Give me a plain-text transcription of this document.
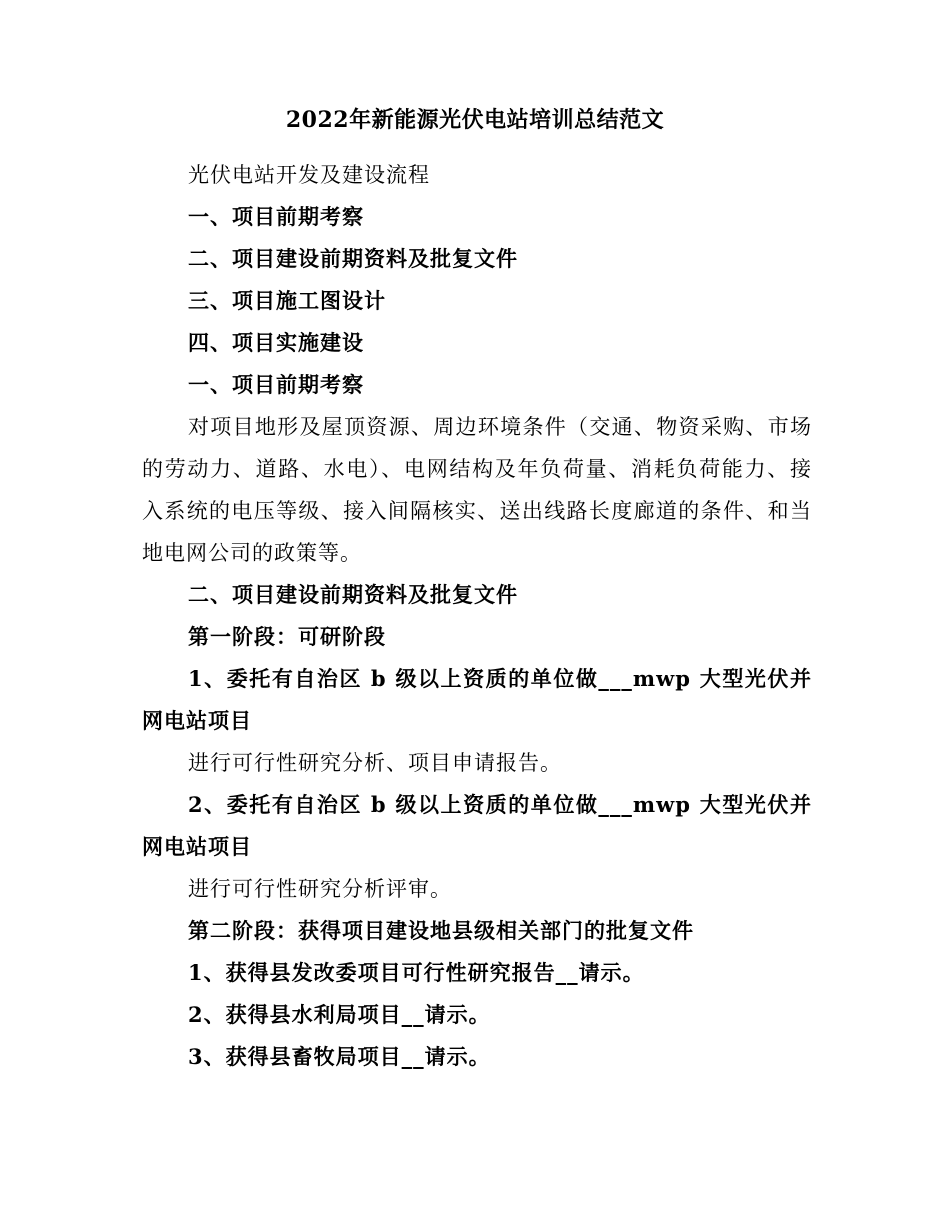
2022年新能源光伏电站培训总结范文

光伏电站开发及建设流程

一、项目前期考察

二、项目建设前期资料及批复文件

三、项目施工图设计

四、项目实施建设

一、项目前期考察

对项目地形及屋顶资源、周边环境条件（交通、物资采购、市场的劳动力、道路、水电）、电网结构及年负荷量、消耗负荷能力、接入系统的电压等级、接入间隔核实、送出线路长度廊道的条件、和当地电网公司的政策等。

二、项目建设前期资料及批复文件

第一阶段：可研阶段

1、委托有自治区 b 级以上资质的单位做___mwp 大型光伏并网电站项目

进行可行性研究分析、项目申请报告。

2、委托有自治区 b 级以上资质的单位做___mwp 大型光伏并网电站项目

进行可行性研究分析评审。

第二阶段：获得项目建设地县级相关部门的批复文件

1、获得县发改委项目可行性研究报告__请示。

2、获得县水利局项目__请示。

3、获得县畜牧局项目__请示。
